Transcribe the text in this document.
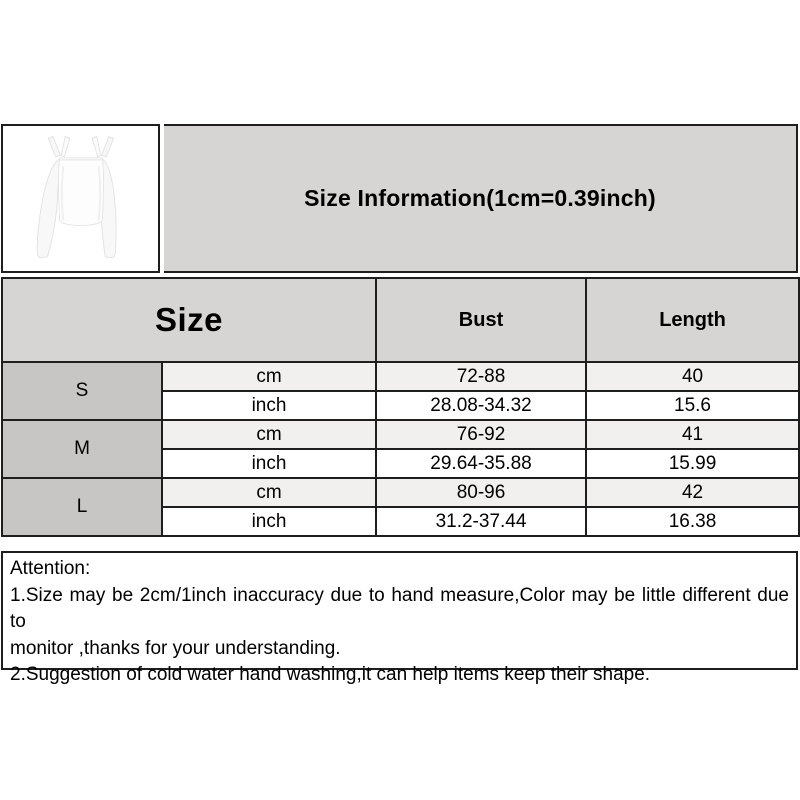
Size Information(1cm=0.39inch)
Size		Bust	Length
S	cm	72-88	40
	inch	28.08-34.32	15.6
M	cm	76-92	41
	inch	29.64-35.88	15.99
L	cm	80-96	42
	inch	31.2-37.44	16.38
Attention:
1.Size may be 2cm/1inch inaccuracy due to hand measure,Color may be little different due to
monitor ,thanks for your understanding.
2.Suggestion of cold water hand washing,it can help items keep their shape.
